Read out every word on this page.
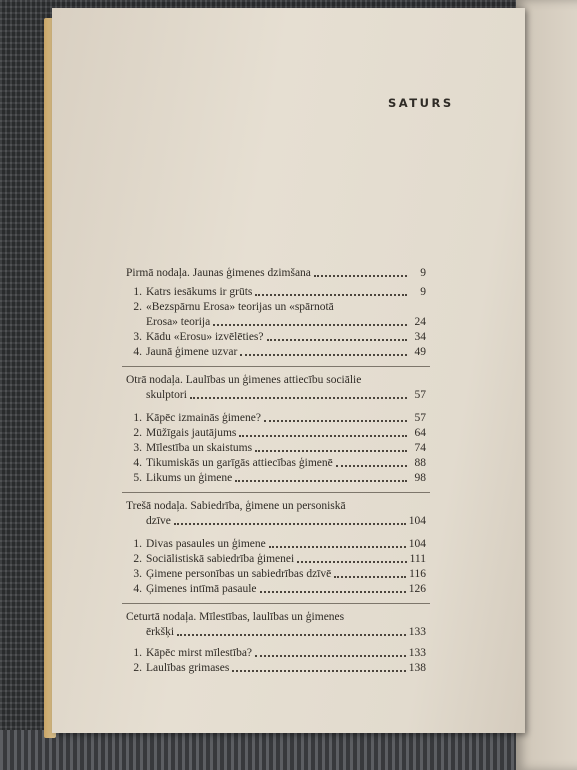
SATURS
Pirmā nodaļa. Jaunas ģimenes dzimšana	9
1. Katrs iesākums ir grūts	9
2. «Bezspārnu Erosa» teorijas un «spārnotā
Erosa» teorija	24
3. Kādu «Erosu» izvēlēties?	34
4. Jaunā ģimene uzvar	49
Otrā nodaļa. Laulības un ģimenes attiecību sociālie
skulptori	57
1. Kāpēc izmainās ģimene?	57
2. Mūžīgais jautājums	64
3. Mīlestība un skaistums	74
4. Tikumiskās un garīgās attiecības ģimenē	88
5. Likums un ģimene	98
Trešā nodaļa. Sabiedrība, ģimene un personiskā
dzīve	104
1. Divas pasaules un ģimene	104
2. Sociālistiskā sabiedrība ģimenei	111
3. Ģimene personības un sabiedrības dzīvē	116
4. Ģimenes intīmā pasaule	126
Ceturtā nodaļa. Mīlestības, laulības un ģimenes
ērkšķi	133
1. Kāpēc mirst mīlestība?	133
2. Laulības grimases	138
